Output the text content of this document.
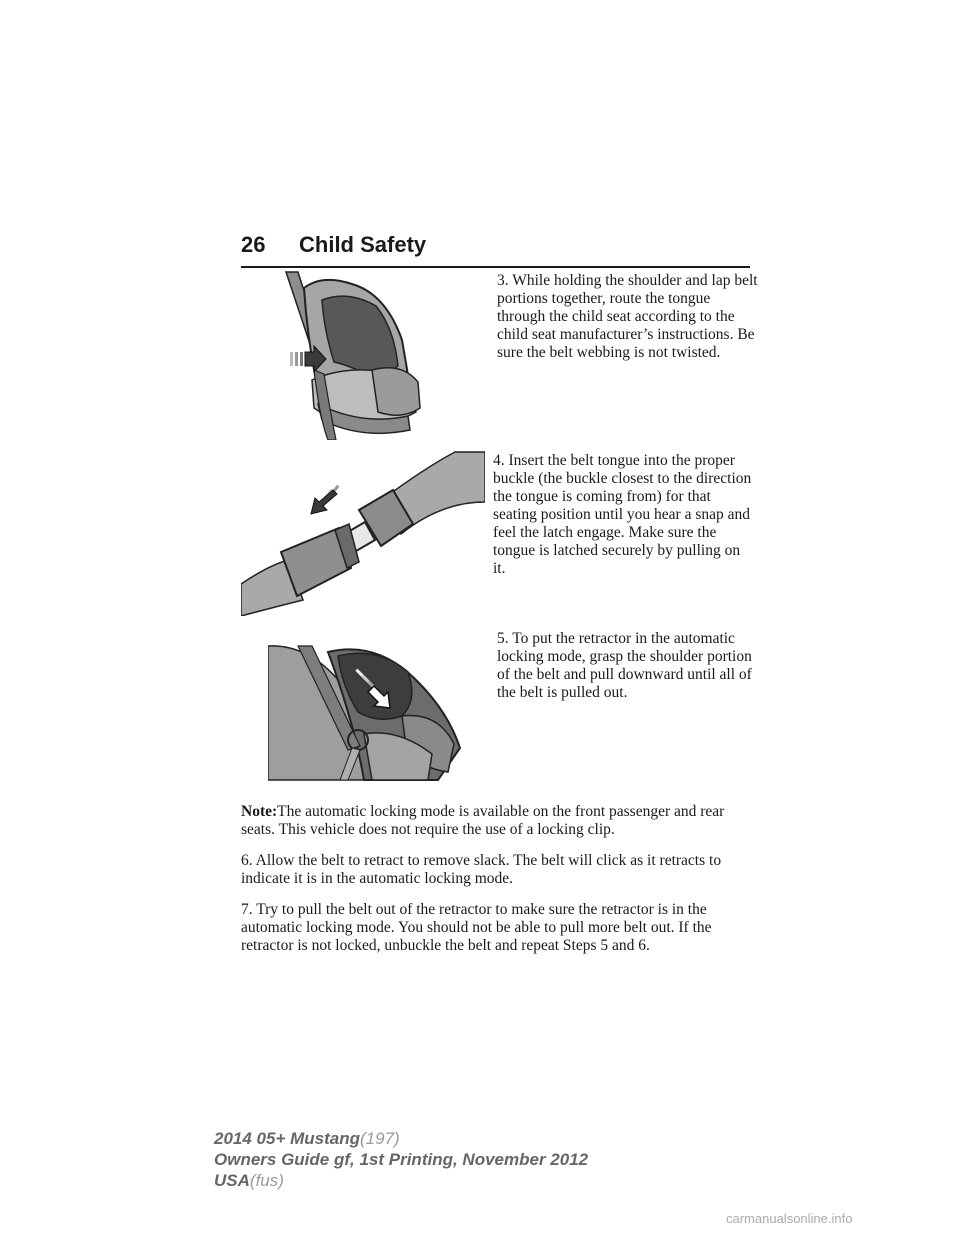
26 Child Safety

3. While holding the shoulder and lap belt portions together, route the tongue through the child seat according to the child seat manufacturer’s instructions. Be sure the belt webbing is not twisted.

4. Insert the belt tongue into the proper buckle (the buckle closest to the direction the tongue is coming from) for that seating position until you hear a snap and feel the latch engage. Make sure the tongue is latched securely by pulling on it.

5. To put the retractor in the automatic locking mode, grasp the shoulder portion of the belt and pull downward until all of the belt is pulled out.

Note:The automatic locking mode is available on the front passenger and rear seats. This vehicle does not require the use of a locking clip.

6. Allow the belt to retract to remove slack. The belt will click as it retracts to indicate it is in the automatic locking mode.

7. Try to pull the belt out of the retractor to make sure the retractor is in the automatic locking mode. You should not be able to pull more belt out. If the retractor is not locked, unbuckle the belt and repeat Steps 5 and 6.

2014 05+ Mustang(197)
Owners Guide gf, 1st Printing, November 2012
USA(fus)
carmanualsonline.info
